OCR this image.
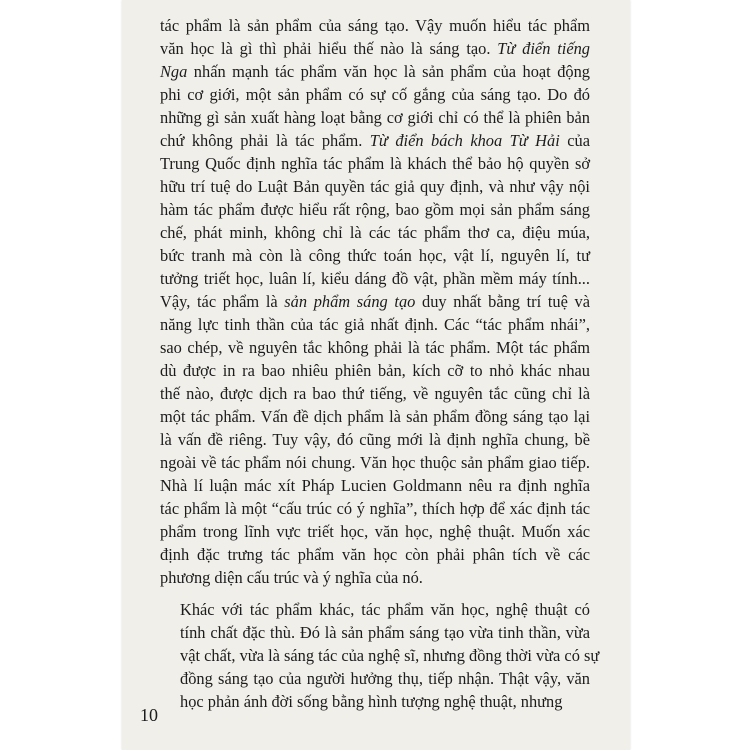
tác phẩm là sản phẩm của sáng tạo. Vậy muốn hiểu tác phẩm
văn học là gì thì phải hiểu thế nào là sáng tạo. Từ điển tiếng
Nga nhấn mạnh tác phẩm văn học là sản phẩm của hoạt động
phi cơ giới, một sản phẩm có sự cố gắng của sáng tạo. Do đó
những gì sản xuất hàng loạt bằng cơ giới chỉ có thể là phiên bản
chứ không phải là tác phẩm. Từ điển bách khoa Từ Hải của
Trung Quốc định nghĩa tác phẩm là khách thể bảo hộ quyền sở
hữu trí tuệ do Luật Bản quyền tác giả quy định, và như vậy nội
hàm tác phẩm được hiểu rất rộng, bao gồm mọi sản phẩm sáng
chế, phát minh, không chỉ là các tác phẩm thơ ca, điệu múa,
bức tranh mà còn là công thức toán học, vật lí, nguyên lí, tư
tưởng triết học, luân lí, kiểu dáng đồ vật, phần mềm máy tính...
Vậy, tác phẩm là sản phẩm sáng tạo duy nhất bằng trí tuệ và
năng lực tinh thần của tác giả nhất định. Các “tác phẩm nhái”,
sao chép, về nguyên tắc không phải là tác phẩm. Một tác phẩm
dù được in ra bao nhiêu phiên bản, kích cỡ to nhỏ khác nhau
thế nào, được dịch ra bao thứ tiếng, về nguyên tắc cũng chỉ là
một tác phẩm. Vấn đề dịch phẩm là sản phẩm đồng sáng tạo lại
là vấn đề riêng. Tuy vậy, đó cũng mới là định nghĩa chung, bề
ngoài về tác phẩm nói chung. Văn học thuộc sản phẩm giao tiếp.
Nhà lí luận mác xít Pháp Lucien Goldmann nêu ra định nghĩa
tác phẩm là một “cấu trúc có ý nghĩa”, thích hợp để xác định tác
phẩm trong lĩnh vực triết học, văn học, nghệ thuật. Muốn xác
định đặc trưng tác phẩm văn học còn phải phân tích về các
phương diện cấu trúc và ý nghĩa của nó.

Khác với tác phẩm khác, tác phẩm văn học, nghệ thuật có
tính chất đặc thù. Đó là sản phẩm sáng tạo vừa tinh thần, vừa
vật chất, vừa là sáng tác của nghệ sĩ, nhưng đồng thời vừa có sự
đồng sáng tạo của người hưởng thụ, tiếp nhận. Thật vậy, văn
học phản ánh đời sống bằng hình tượng nghệ thuật, nhưng

10
